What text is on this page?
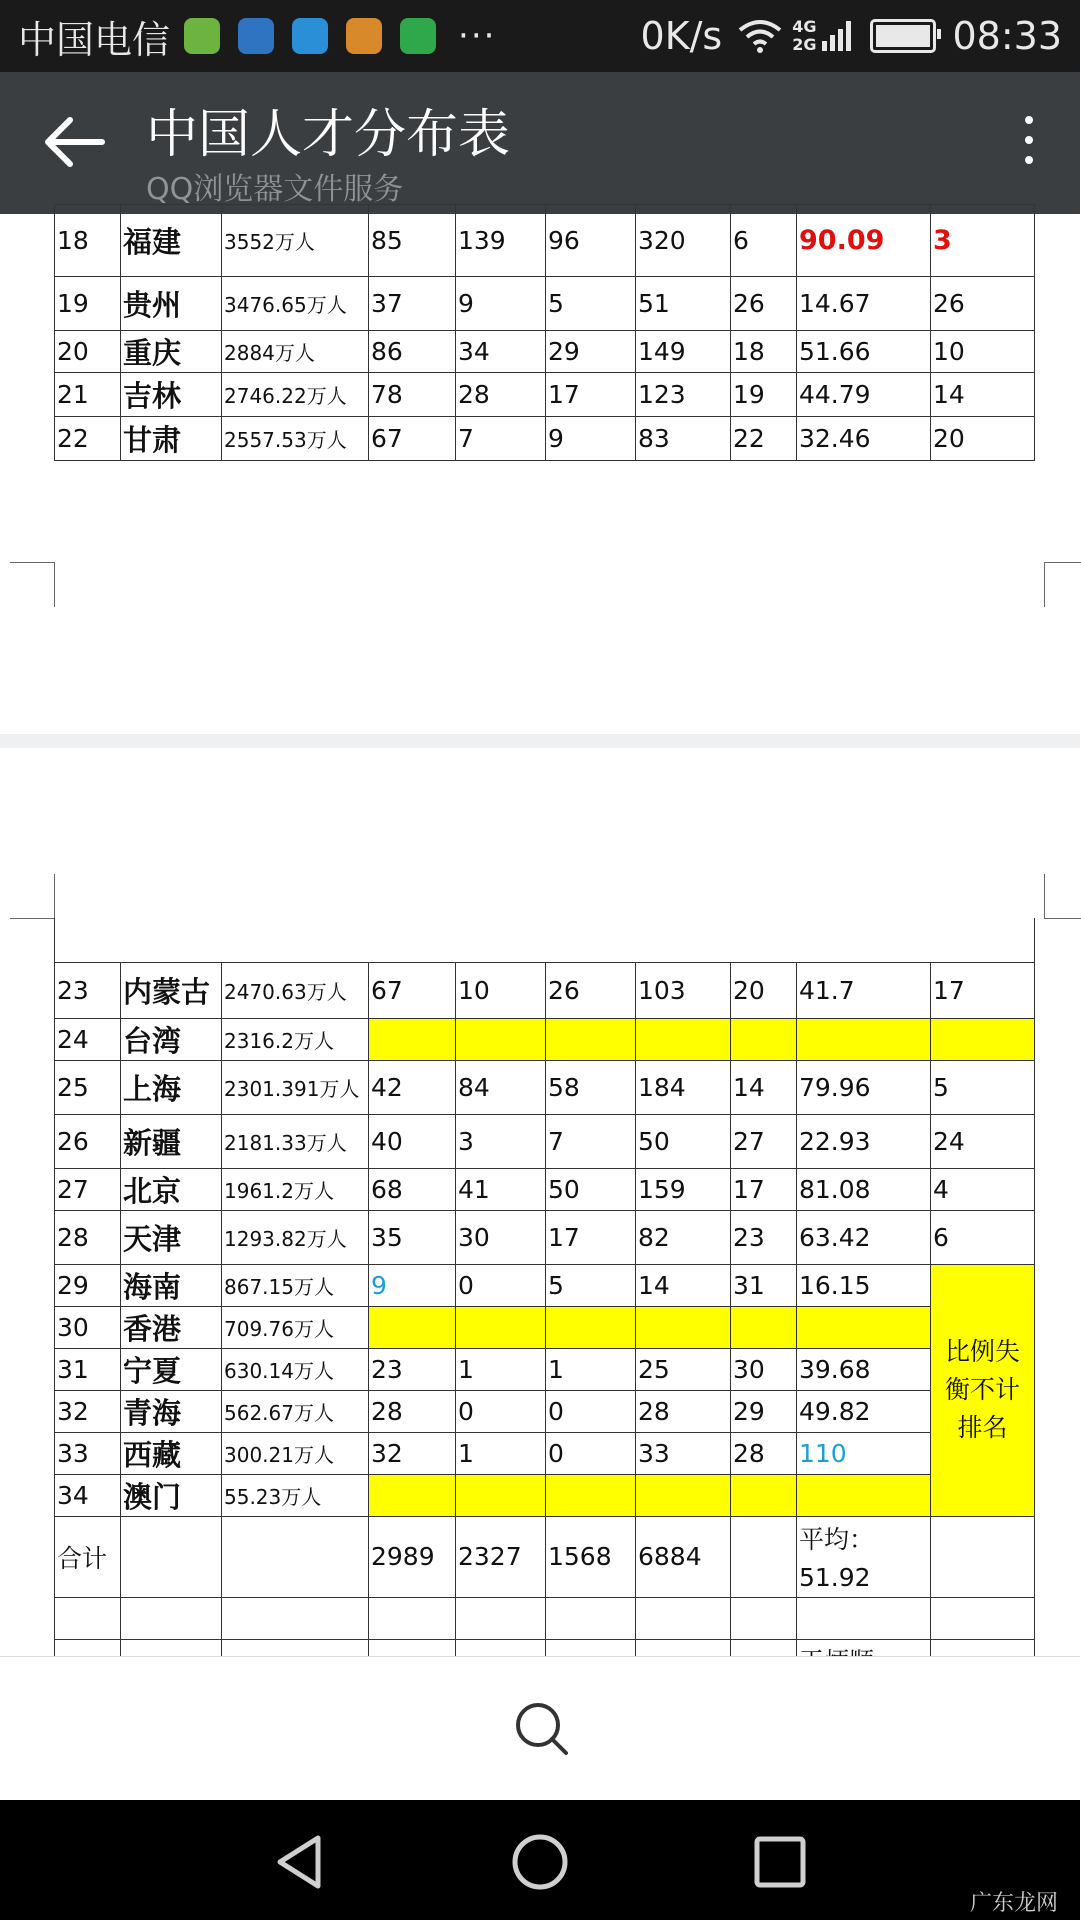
中国电信	···	0K/s	4G
2G	08:33
中国人才分布表
QQ浏览器文件服务
18	福建	3552万人	85	139	96	320	6	90.09	3
19	贵州	3476.65万人	37	9	5	51	26	14.67	26
20	重庆	2884万人	86	34	29	149	18	51.66	10
21	吉林	2746.22万人	78	28	17	123	19	44.79	14
22	甘肃	2557.53万人	67	7	9	83	22	32.46	20

23	内蒙古	2470.63万人	67	10	26	103	20	41.7	17
24	台湾	2316.2万人							
25	上海	2301.391万人	42	84	58	184	14	79.96	5
26	新疆	2181.33万人	40	3	7	50	27	22.93	24
27	北京	1961.2万人	68	41	50	159	17	81.08	4
28	天津	1293.82万人	35	30	17	82	23	63.42	6
29	海南	867.15万人	9	0	5	14	31	16.15	比例失衡不计排名
30	香港	709.76万人							
31	宁夏	630.14万人	23	1	1	25	30	39.68	
32	青海	562.67万人	28	0	0	28	29	49.82	
33	西藏	300.21万人	32	1	0	33	28	110	
34	澳门	55.23万人							
合计			2989	2327	1568	6884		平均：51.92	

广东龙网
